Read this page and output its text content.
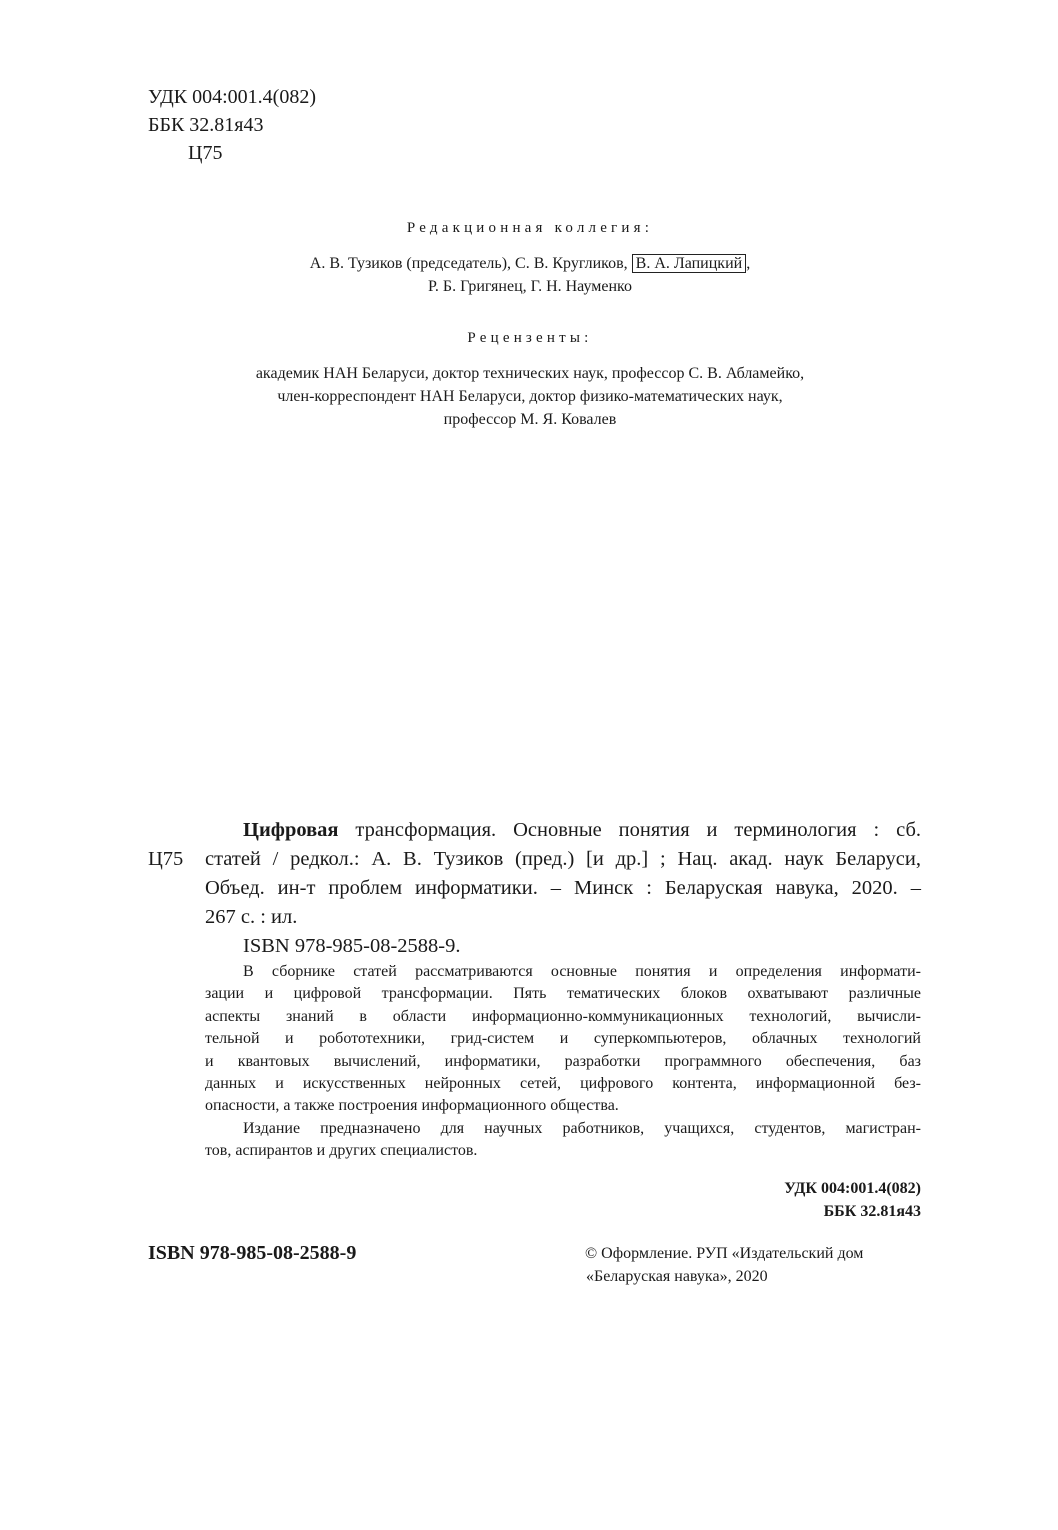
УДК 004:001.4(082)
ББК 32.81я43
Ц75
Редакционная коллегия:
А. В. Тузиков (председатель), С. В. Кругликов, В. А. Лапицкий ,
Р. Б. Григянец, Г. Н. Науменко
Рецензенты:
академик НАН Беларуси, доктор технических наук, профессор С. В. Абламейко,
член-корреспондент НАН Беларуси, доктор физико-математических наук,
профессор М. Я. Ковалев
Ц75
Цифровая трансформация. Основные понятия и терминология : сб.
статей / редкол.: А. В. Тузиков (пред.) [и др.] ; Нац. акад. наук Беларуси,
Объед. ин-т проблем информатики. – Минск : Беларуская навука, 2020. –
267 с. : ил.
ISBN 978-985-08-2588-9.
В сборнике статей рассматриваются основные понятия и определения информати-
зации и цифровой трансформации. Пять тематических блоков охватывают различные
аспекты знаний в области информационно-коммуникационных технологий, вычисли-
тельной и робототехники, грид-систем и суперкомпьютеров, облачных технологий
и квантовых вычислений, информатики, разработки программного обеспечения, баз
данных и искусственных нейронных сетей, цифрового контента, информационной без-
опасности, а также построения информационного общества.
Издание предназначено для научных работников, учащихся, студентов, магистран-
тов, аспирантов и других специалистов.
УДК 004:001.4(082)
ББК 32.81я43
ISBN 978-985-08-2588-9	© Оформление. РУП «Издательский дом
«Беларуская навука», 2020
